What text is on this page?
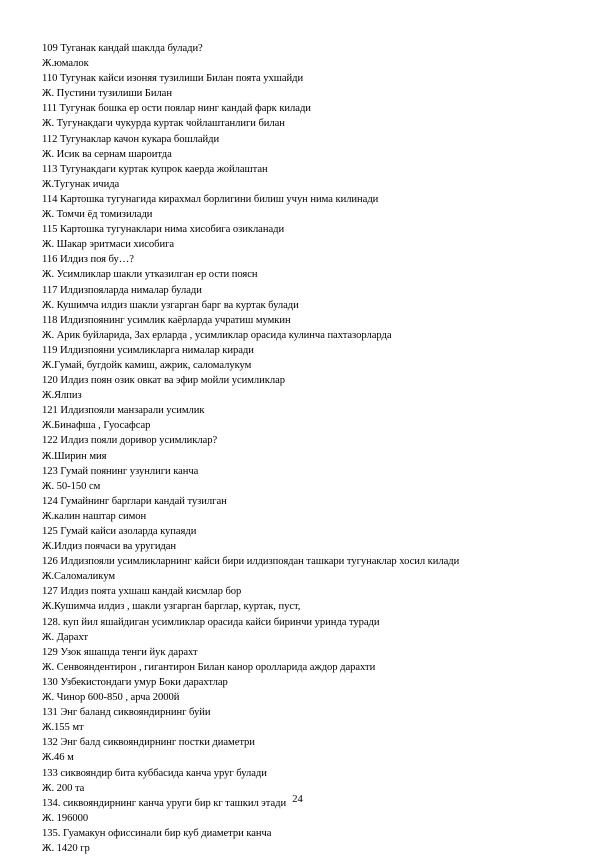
109 Туганак кандай шаклда булади?
Ж.юмалок
110 Тугунак кайси изоняя тузилиши Билан поята ухшайди
Ж. Пустини тузилиши Билан
111 Тугунак бошка ер ости поялар нинг кандай фарк килади
Ж. Тугунакдаги чукурда куртак чойлаштанлиги билан
112 Тугунаклар качон кукара бошлайди
Ж. Исик ва сернам шароитда
113 Тугунакдаги куртак купрок каерда жойлаштан
Ж.Тугунак ичида
114 Картошка тугунагида кирахмал борлигини билиш учун нима килинади
Ж. Томчи ёд томизилади
115 Картошка тугунаклари нима хисобига озикланади
Ж. Шакар эритмаси хисобига
116 Илдиз поя бу…?
Ж. Усимликлар шакли утказилган ер ости поясн
117 Илдизпояларда нималар булади
Ж. Кушимча илдиз шакли узгарган барг ва куртак булади
118 Илдизпоянинг усимлик каёрларда учратиш мумкин
Ж. Арик буйларида, Зах ерларда , усимликлар орасида кулинча пахтазорларда
119 Илдизпояни усимликларга нималар киради
Ж.Гумай, бугдойк камиш, ажрик, саломалукум
120 Илдиз поян озик овкат ва эфир мойли усимликлар
Ж.Ялпиз
121 Илдизпояли манзарали усимлик
Ж.Бинафша , Гуосафсар
122 Илдиз пояли доривор усимликлар?
Ж.Ширин мия
123 Гумай поянинг узунлиги канча
Ж. 50-150 см
124 Гумайнинг барглари кандай тузилган
Ж.калин наштар симон
125 Гумай кайси азоларда купаяди
Ж.Илдиз поячаси ва уругидан
126 Илдизпояли усимликларнинг кайси бири илдизпоядан ташкари тугунаклар хосил килади
Ж.Саломаликум
127 Илдиз поята ухшаш кандай кисмлар бор
Ж.Кушимча илдиз , шакли узгарган барглар, куртак, пуст,
128. куп йил яшайдиган усимликлар орасида кайси биринчи уринда туради
Ж. Дарахт
129 Узок яшашда тенги йук дарахт
Ж. Сенвояндентирон , гигантирон Билан канор оролларида аждор дарахти
130 Узбекистондаги умур Боки дарахтлар
Ж. Чинор 600-850 , арча 2000й
131 Энг баланд сиквояндирнинг буйи
Ж.155 мт
132 Энг балд сиквояндирнинг постки диаметри
Ж.46 м
133 сиквояндир бита куббасида канча уруг булади
Ж. 200 та
134. сиквояндирнинг канча уруги бир кг ташкил этади
Ж. 196000
135. Гуамакун офиссинали бир куб диаметри канча
Ж. 1420 гр
24
